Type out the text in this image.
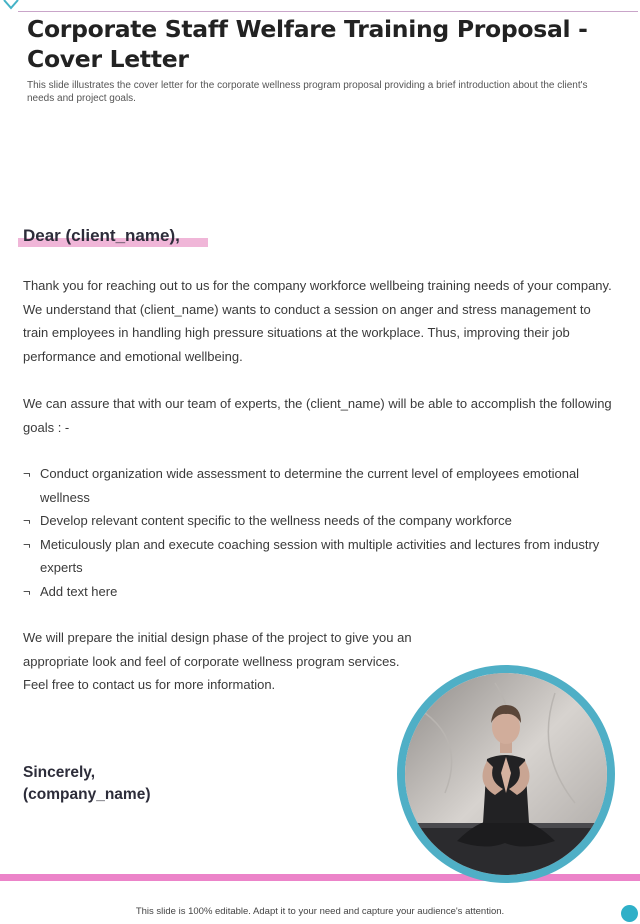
Corporate Staff Welfare Training Proposal - Cover Letter

This slide illustrates the cover letter for the corporate wellness program proposal providing a brief introduction about the client's needs and project goals.

Dear (client_name),

Thank you for reaching out to us for the company workforce wellbeing training needs of your company. We understand that (client_name) wants to conduct a session on anger and stress management to train employees in handling high pressure situations at the workplace. Thus, improving their job performance and emotional wellbeing.

We can assure that with our team of experts, the (client_name) will be able to accomplish the following goals : -

¬ Conduct organization wide assessment to determine the current level of employees emotional wellness
¬ Develop relevant content specific to the wellness needs of the company workforce
¬ Meticulously plan and execute coaching session with multiple activities and lectures from industry experts
¬ Add text here

We will prepare the initial design phase of the project to give you an appropriate look and feel of corporate wellness program services. Feel free to contact us for more information.

Sincerely,
(company_name)
This slide is 100% editable. Adapt it to your need and capture your audience's attention.
